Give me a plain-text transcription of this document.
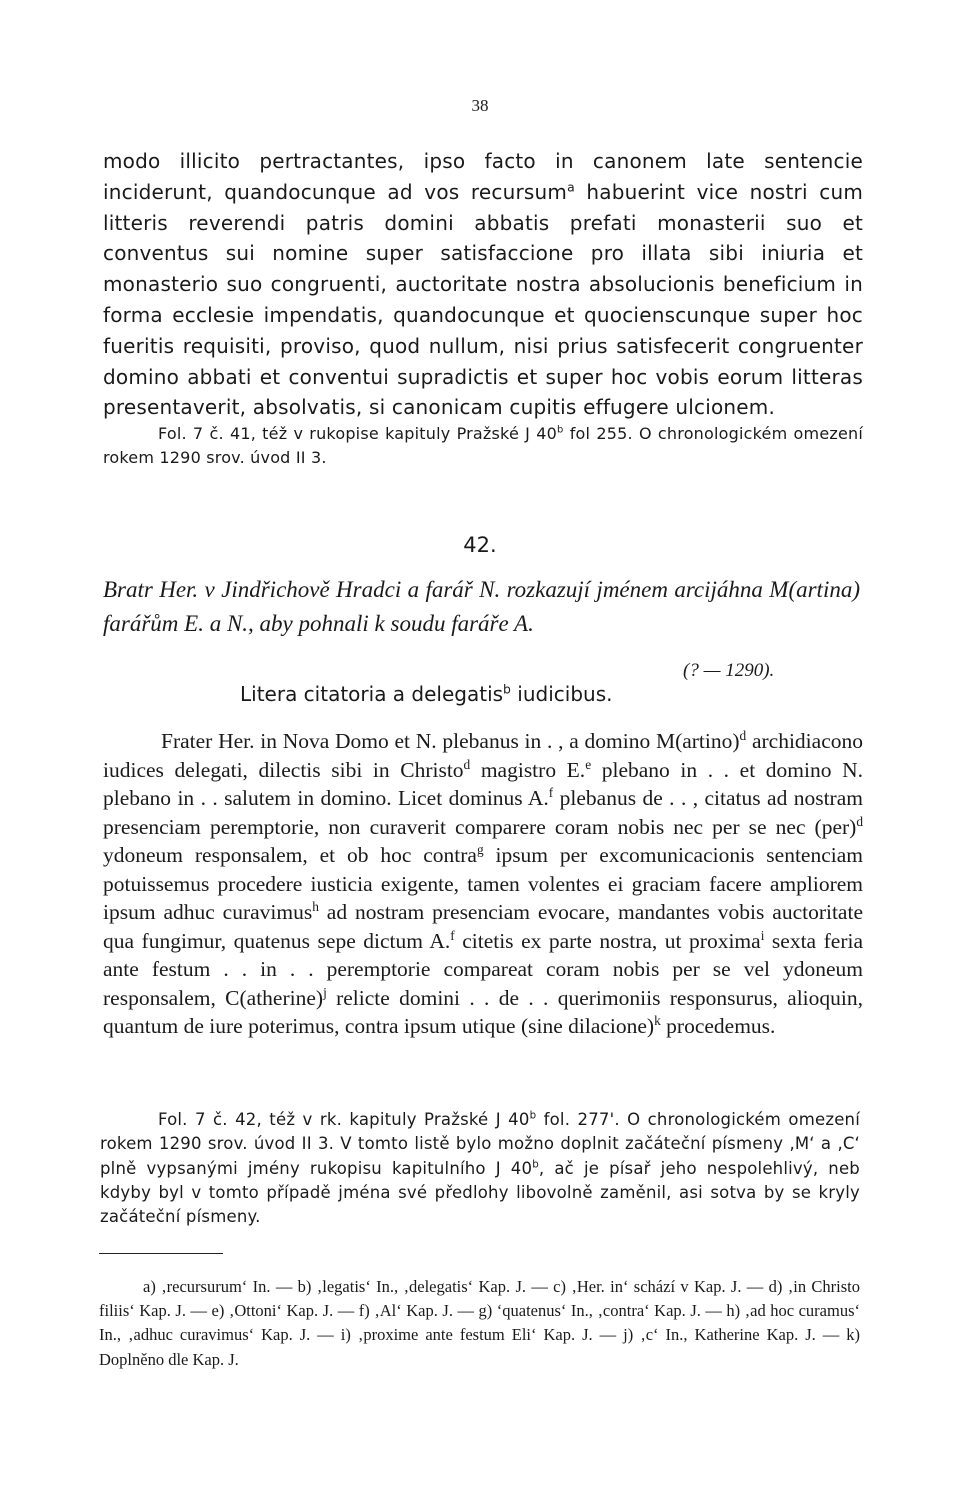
38

modo illicito pertractantes, ipso facto in canonem late sentencie inciderunt, quandocunque ad vos recursum$^a$ habuerint vice nostri cum litteris reverendi patris domini abbatis prefati monasterii suo et conventus sui nomine super satisfaccione pro illata sibi iniuria et monasterio suo congruenti, auctoritate nostra absolucionis beneficium in forma ecclesie impendatis, quandocunque et quocienscunque super hoc fueritis requisiti, proviso, quod nullum, nisi prius satisfecerit congruenter domino abbati et conventui supradictis et super hoc vobis eorum litteras presentaverit, absolvatis, si canonicam cupitis effugere ulcionem.

Fol. 7 č. 41, též v rukopise kapituly Pražské J 40$^b$ fol 255. O chronologickém omezení rokem 1290 srov. úvod II 3.

42.

Bratr Her. v Jindřichově Hradci a farář N. rozkazují jménem arcijáhna M(artina) farářům E. a N., aby pohnali k soudu faráře A.

(? — 1290).
Litera citatoria a delegatis$^b$ iudicibus.

Frater Her. in Nova Domo et N. plebanus in . , a domino M(artino)$^d$ archidiacono iudices delegati, dilectis sibi in Christo$^d$ magistro E.$^e$ plebano in . . et domino N. plebano in . . salutem in domino. Licet dominus A.$^f$ plebanus de . . , citatus ad nostram presenciam peremptorie, non curaverit comparere coram nobis nec per se nec (per)$^d$ ydoneum responsalem, et ob hoc contra$^g$ ipsum per excomunicacionis sentenciam potuissemus procedere iusticia exigente, tamen volentes ei graciam facere ampliorem ipsum adhuc curavimus$^h$ ad nostram presenciam evocare, mandantes vobis auctoritate qua fungimur, quatenus sepe dictum A.$^f$ citetis ex parte nostra, ut proxima$^i$ sexta feria ante festum . . in . . peremptorie compareat coram nobis per se vel ydoneum responsalem, C(atherine)$^j$ relicte domini . . de . . querimoniis responsurus, alioquin, quantum de iure poterimus, contra ipsum utique (sine dilacione)$^k$ procedemus.

Fol. 7 č. 42, též v rk. kapituly Pražské J 40$^b$ fol. 277'. O chronologickém omezení rokem 1290 srov. úvod II 3. V tomto listě bylo možno doplnit začáteční písmeny ‚M‘ a ‚C‘ plně vypsanými jmény rukopisu kapitulního J 40$^b$, ač je písař jeho nespolehlivý, neb kdyby byl v tomto případě jména své předlohy libovolně zaměnil, asi sotva by se kryly začáteční písmeny.

a) ‚recursurum‘ In. — b) ‚legatis‘ In., ‚delegatis‘ Kap. J. — c) ‚Her. in‘ schází v Kap. J. — d) ‚in Christo filiis‘ Kap. J. — e) ‚Ottoni‘ Kap. J. — f) ‚Al‘ Kap. J. — g) ‘quatenus‘ In., ‚contra‘ Kap. J. — h) ‚ad hoc curamus‘ In., ‚adhuc curavimus‘ Kap. J. — i) ‚proxime ante festum Eli‘ Kap. J. — j) ‚c‘ In., Katherine Kap. J. — k) Doplněno dle Kap. J.
